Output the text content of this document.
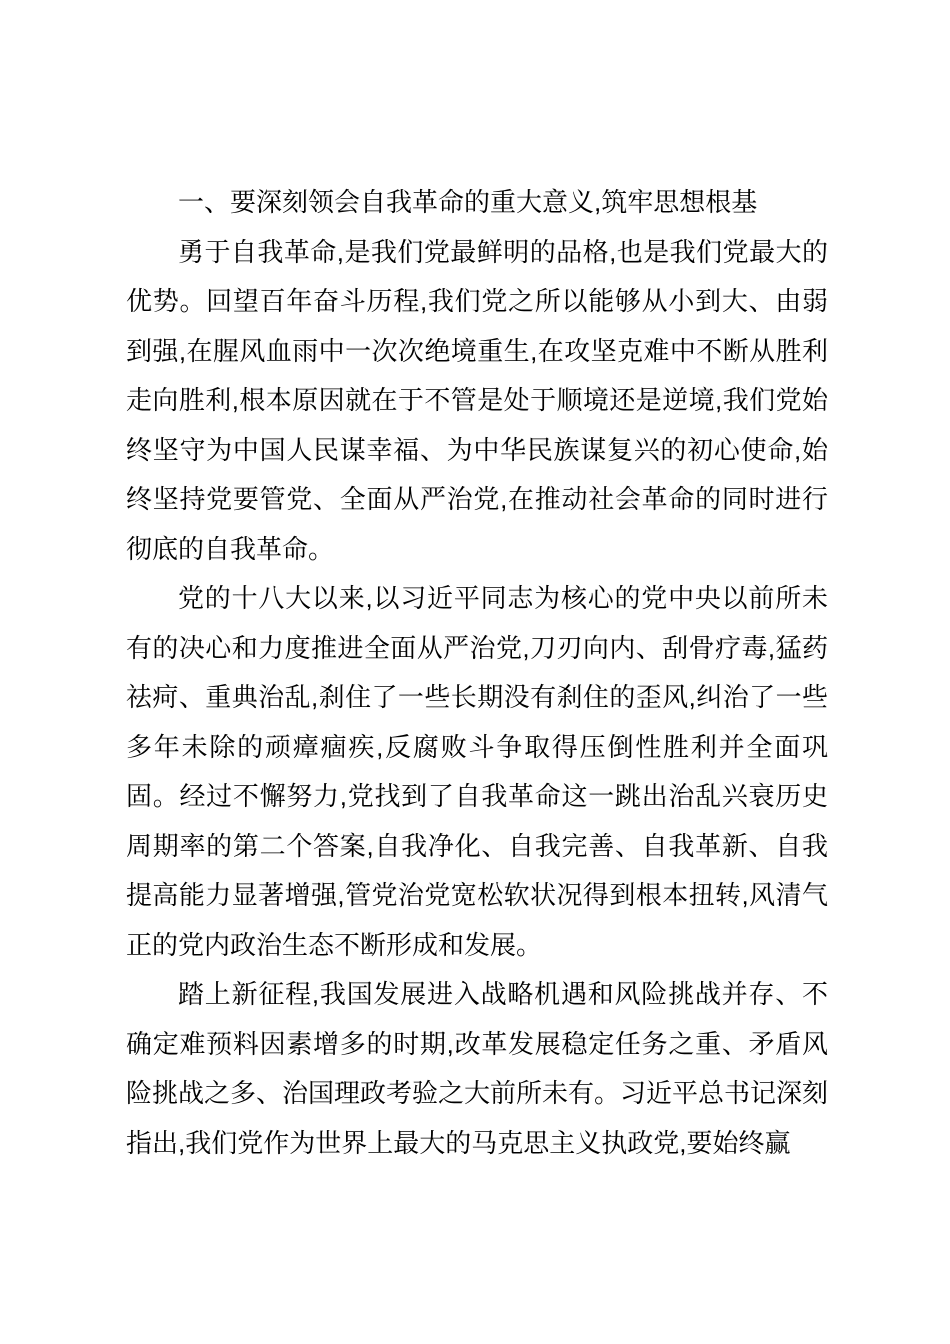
一、要深刻领会自我革命的重大意义,筑牢思想根基

勇于自我革命,是我们党最鲜明的品格,也是我们党最大的优势。回望百年奋斗历程,我们党之所以能够从小到大、由弱到强,在腥风血雨中一次次绝境重生,在攻坚克难中不断从胜利走向胜利,根本原因就在于不管是处于顺境还是逆境,我们党始终坚守为中国人民谋幸福、为中华民族谋复兴的初心使命,始终坚持党要管党、全面从严治党,在推动社会革命的同时进行彻底的自我革命。

党的十八大以来,以习近平同志为核心的党中央以前所未有的决心和力度推进全面从严治党,刀刃向内、刮骨疗毒,猛药祛疴、重典治乱,刹住了一些长期没有刹住的歪风,纠治了一些多年未除的顽瘴痼疾,反腐败斗争取得压倒性胜利并全面巩固。经过不懈努力,党找到了自我革命这一跳出治乱兴衰历史周期率的第二个答案,自我净化、自我完善、自我革新、自我提高能力显著增强,管党治党宽松软状况得到根本扭转,风清气正的党内政治生态不断形成和发展。

踏上新征程,我国发展进入战略机遇和风险挑战并存、不确定难预料因素增多的时期,改革发展稳定任务之重、矛盾风险挑战之多、治国理政考验之大前所未有。习近平总书记深刻指出,我们党作为世界上最大的马克思主义执政党,要始终赢
